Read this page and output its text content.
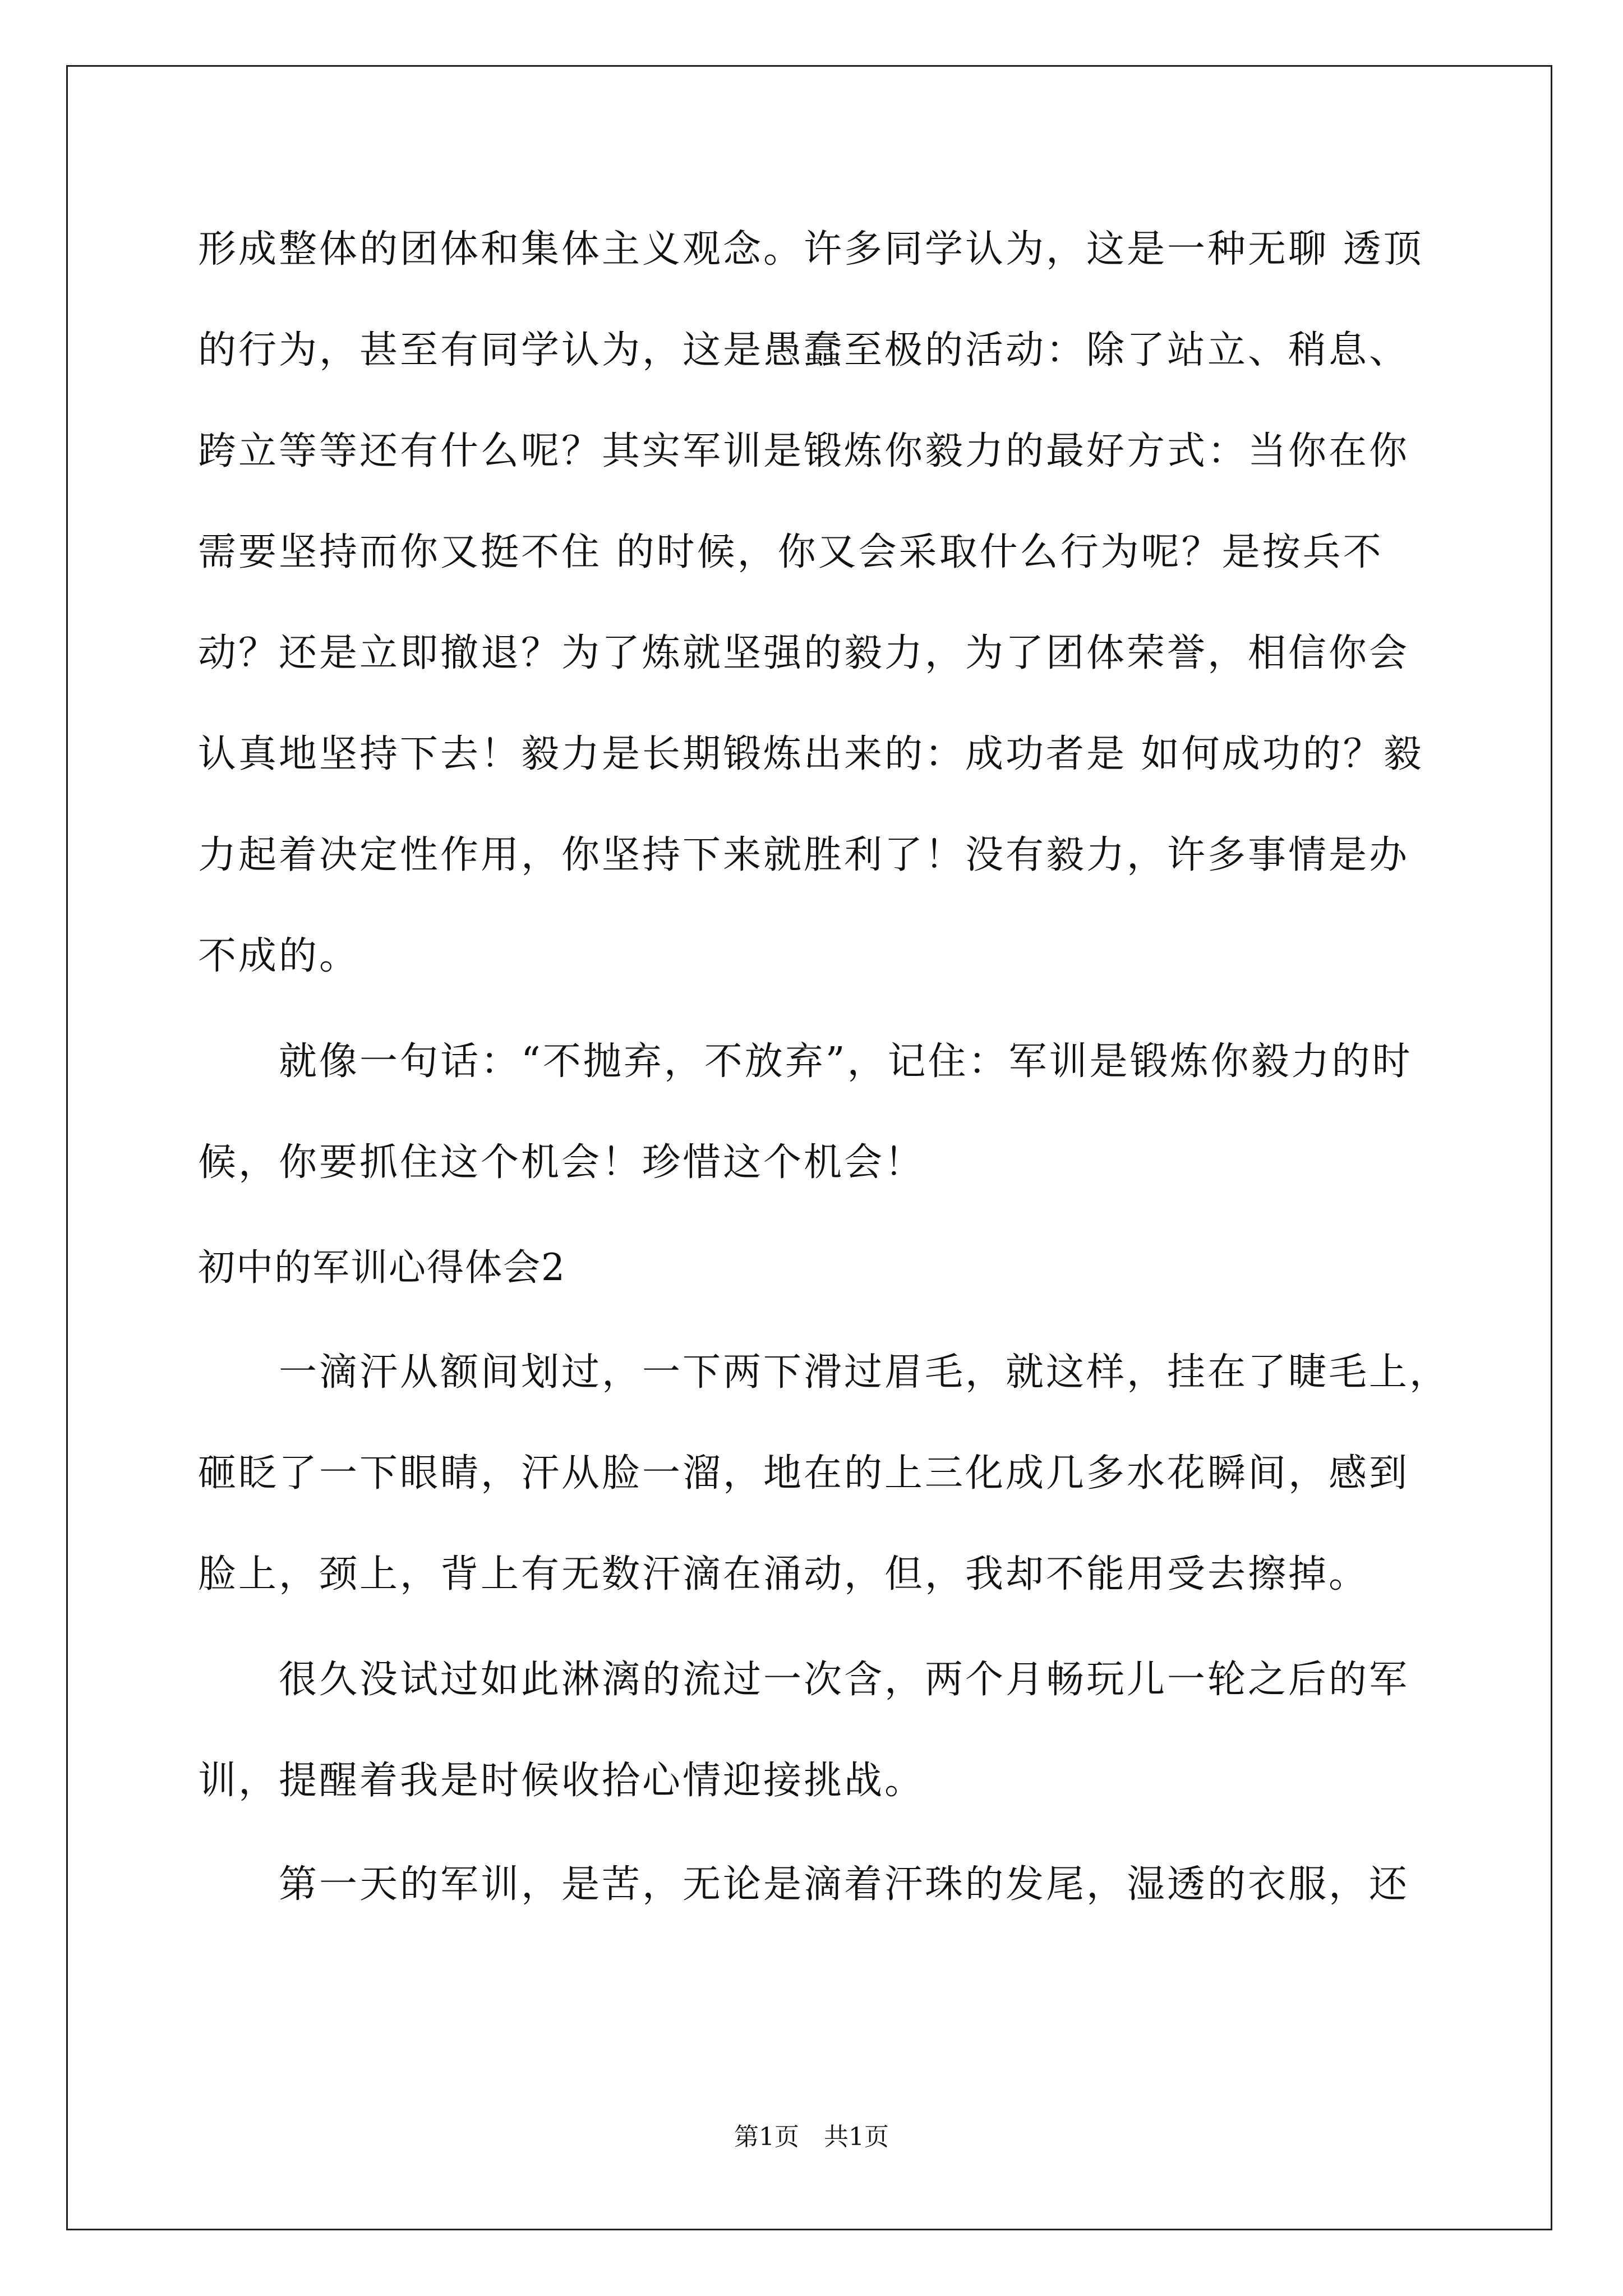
形成整体的团体和集体主义观念。许多同学认为，这是一种无聊 透顶
的行为，甚至有同学认为，这是愚蠢至极的活动：除了站立、稍息、
跨立等等还有什么呢？其实军训是锻炼你毅力的最好方式：当你在你
需要坚持而你又挺不住 的时候，你又会采取什么行为呢？是按兵不
动？还是立即撤退？为了炼就坚强的毅力，为了团体荣誉，相信你会
认真地坚持下去！毅力是长期锻炼出来的：成功者是 如何成功的？毅
力起着决定性作用，你坚持下来就胜利了！没有毅力，许多事情是办
不成的。
　　就像一句话：“不抛弃，不放弃”，记住：军训是锻炼你毅力的时
候，你要抓住这个机会！珍惜这个机会！
初中的军训心得体会2
　　一滴汗从额间划过，一下两下滑过眉毛，就这样，挂在了睫毛上，
砸眨了一下眼睛，汗从脸一溜，地在的上三化成几多水花瞬间，感到
脸上，颈上，背上有无数汗滴在涌动，但，我却不能用受去擦掉。
　　很久没试过如此淋漓的流过一次含，两个月畅玩儿一轮之后的军
训，提醒着我是时候收拾心情迎接挑战。
　　第一天的军训，是苦，无论是滴着汗珠的发尾，湿透的衣服，还
第1页　共1页
